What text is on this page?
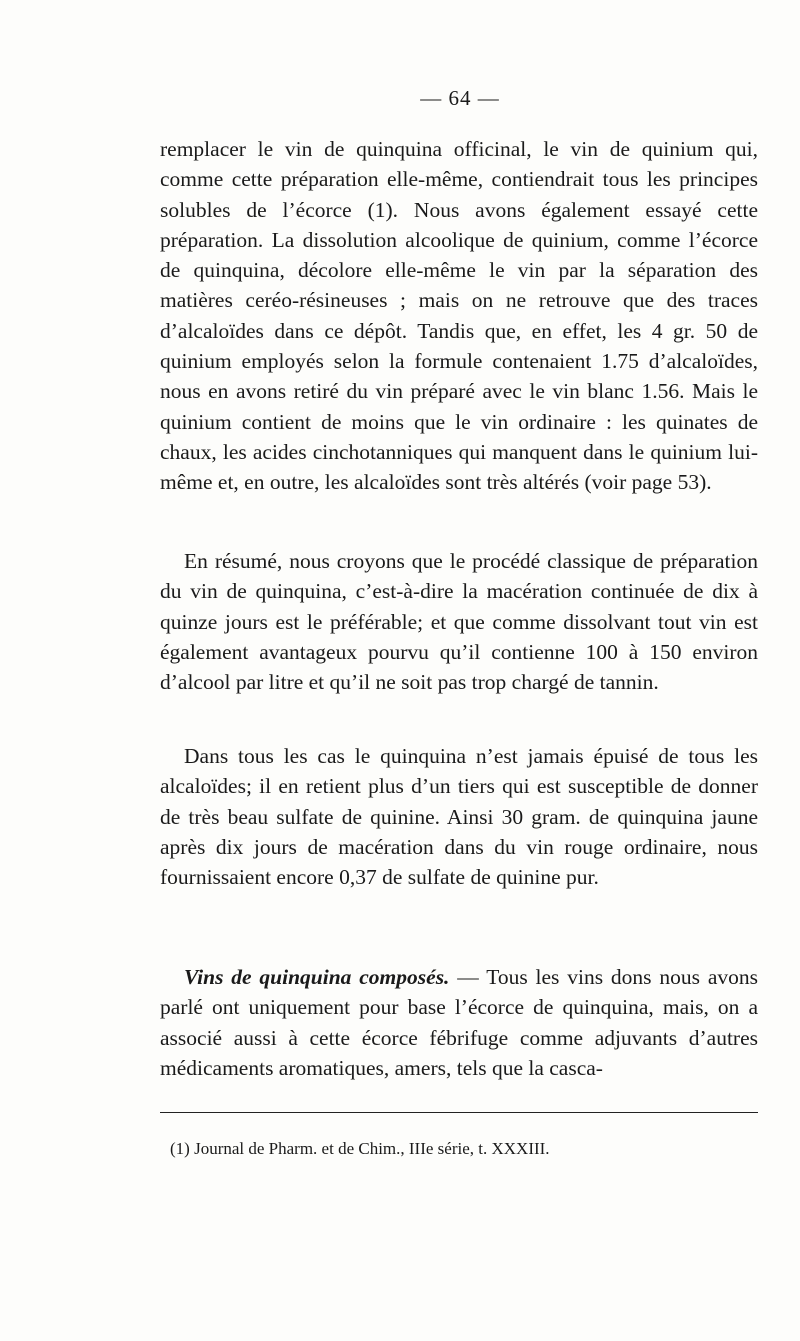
— 64 —

remplacer le vin de quinquina officinal, le vin de quinium qui, comme cette préparation elle-même, contiendrait tous les principes solubles de l’écorce (1). Nous avons également essayé cette préparation. La dissolution alcoolique de quinium, comme l’écorce de quinquina, décolore elle-même le vin par la séparation des matières ceréo-résineuses ; mais on ne retrouve que des traces d’alcaloïdes dans ce dépôt. Tandis que, en effet, les 4 gr. 50 de quinium employés selon la formule contenaient 1.75 d’alcaloïdes, nous en avons retiré du vin préparé avec le vin blanc 1.56. Mais le quinium contient de moins que le vin ordinaire : les quinates de chaux, les acides cinchotanniques qui manquent dans le quinium lui-même et, en outre, les alcaloïdes sont très altérés (voir page 53).

En résumé, nous croyons que le procédé classique de préparation du vin de quinquina, c’est-à-dire la macération continuée de dix à quinze jours est le préférable; et que comme dissolvant tout vin est également avantageux pourvu qu’il contienne 100 à 150 environ d’alcool par litre et qu’il ne soit pas trop chargé de tannin.

Dans tous les cas le quinquina n’est jamais épuisé de tous les alcaloïdes; il en retient plus d’un tiers qui est susceptible de donner de très beau sulfate de quinine. Ainsi 30 gram. de quinquina jaune après dix jours de macération dans du vin rouge ordinaire, nous fournissaient encore 0,37 de sulfate de quinine pur.

Vins de quinquina composés. — Tous les vins dons nous avons parlé ont uniquement pour base l’écorce de quinquina, mais, on a associé aussi à cette écorce fébrifuge comme adjuvants d’autres médicaments aromatiques, amers, tels que la casca-

(1) Journal de Pharm. et de Chim., IIIe série, t. XXXIII.
